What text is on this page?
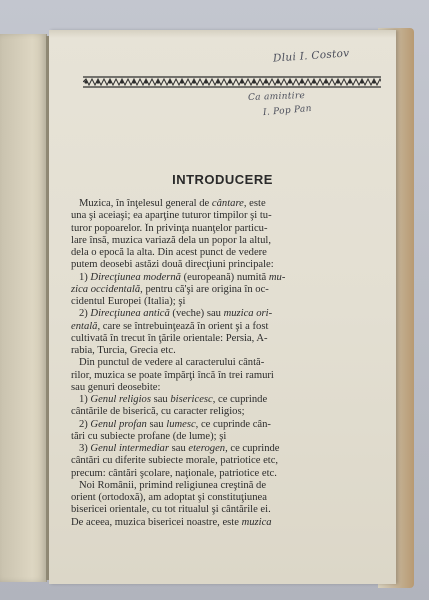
Dlui I. Costov
Ca amintire
I. Pop Pan
INTRODUCERE
Muzica, în înţelesul general de cântare, este
una şi aceiaşi; ea aparţine tuturor timpilor şi tu-
turor popoarelor. În privinţa nuanţelor particu-
lare însă, muzica variază dela un popor la altul,
dela o epocă la alta. Din acest punct de vedere
putem deosebi astăzi două direcţiuni principale:
1) Direcţiunea modernă (europeană) numită mu-
zica occidentală, pentru că'şi are origina în oc-
cidentul Europei (Italia); şi
2) Direcţiunea antică (veche) sau muzica ori-
entală, care se întrebuinţează în orient şi a fost
cultivată în trecut în ţările orientale: Persia, A-
rabia, Turcia, Grecia etc.
Din punctul de vedere al caracterului cântă-
rilor, muzica se poate împărţi încă în trei ramuri
sau genuri deosebite:
1) Genul religios sau bisericesc, ce cuprinde
cântările de biserică, cu caracter religios;
2) Genul profan sau lumesc, ce cuprinde cân-
tări cu subiecte profane (de lume); şi
3) Genul intermediar sau eterogen, ce cuprinde
cântări cu diferite subiecte morale, patriotice etc,
precum: cântări şcolare, naţionale, patriotice etc.
Noi Românii, primind religiunea creştină de
orient (ortodoxă), am adoptat şi constituţiunea
bisericei orientale, cu tot ritualul şi cântările ei.
De aceea, muzica bisericei noastre, este muzica
